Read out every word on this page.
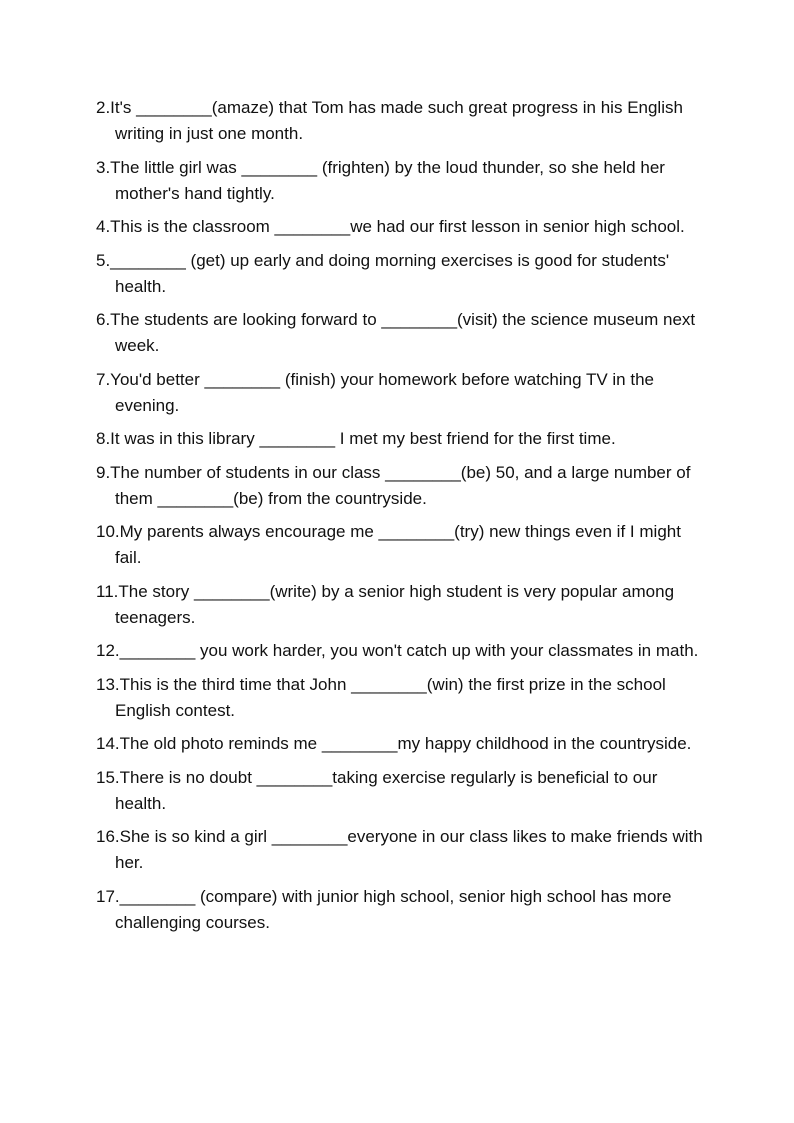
2.It's ________(amaze) that Tom has made such great progress in his English writing in just one month.

3.The little girl was ________ (frighten) by the loud thunder, so she held her mother's hand tightly.

4.This is the classroom ________we had our first lesson in senior high school.

5.________ (get) up early and doing morning exercises is good for students' health.

6.The students are looking forward to ________(visit) the science museum next week.

7.You'd better ________ (finish) your homework before watching TV in the evening.

8.It was in this library ________ I met my best friend for the first time.

9.The number of students in our class ________(be) 50, and a large number of them ________(be) from the countryside.

10.My parents always encourage me ________(try) new things even if I might fail.

11.The story ________(write) by a senior high student is very popular among teenagers.

12.________ you work harder, you won't catch up with your classmates in math.

13.This is the third time that John ________(win) the first prize in the school English contest.

14.The old photo reminds me ________my happy childhood in the countryside.

15.There is no doubt ________taking exercise regularly is beneficial to our health.

16.She is so kind a girl ________everyone in our class likes to make friends with her.

17.________ (compare) with junior high school, senior high school has more challenging courses.
